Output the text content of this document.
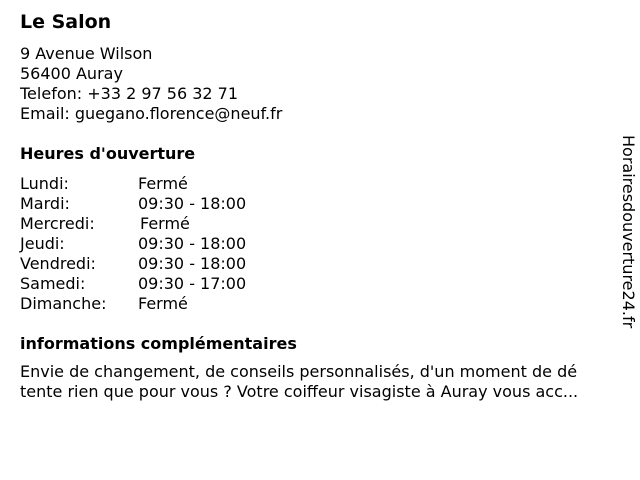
Le Salon
9 Avenue Wilson
56400 Auray
Telefon: +33 2 97 56 32 71
Email: guegano.florence@neuf.fr
Heures d'ouverture
Lundi:	Fermé
Mardi:	09:30 - 18:00
Mercredi:	Fermé
Jeudi:	09:30 - 18:00
Vendredi:	09:30 - 18:00
Samedi:	09:30 - 17:00
Dimanche:	Fermé
informations complémentaires
Envie de changement, de conseils personnalisés, d'un moment de dé
tente rien que pour vous ? Votre coiffeur visagiste à Auray vous acc...
Horairesdouverture24.fr
